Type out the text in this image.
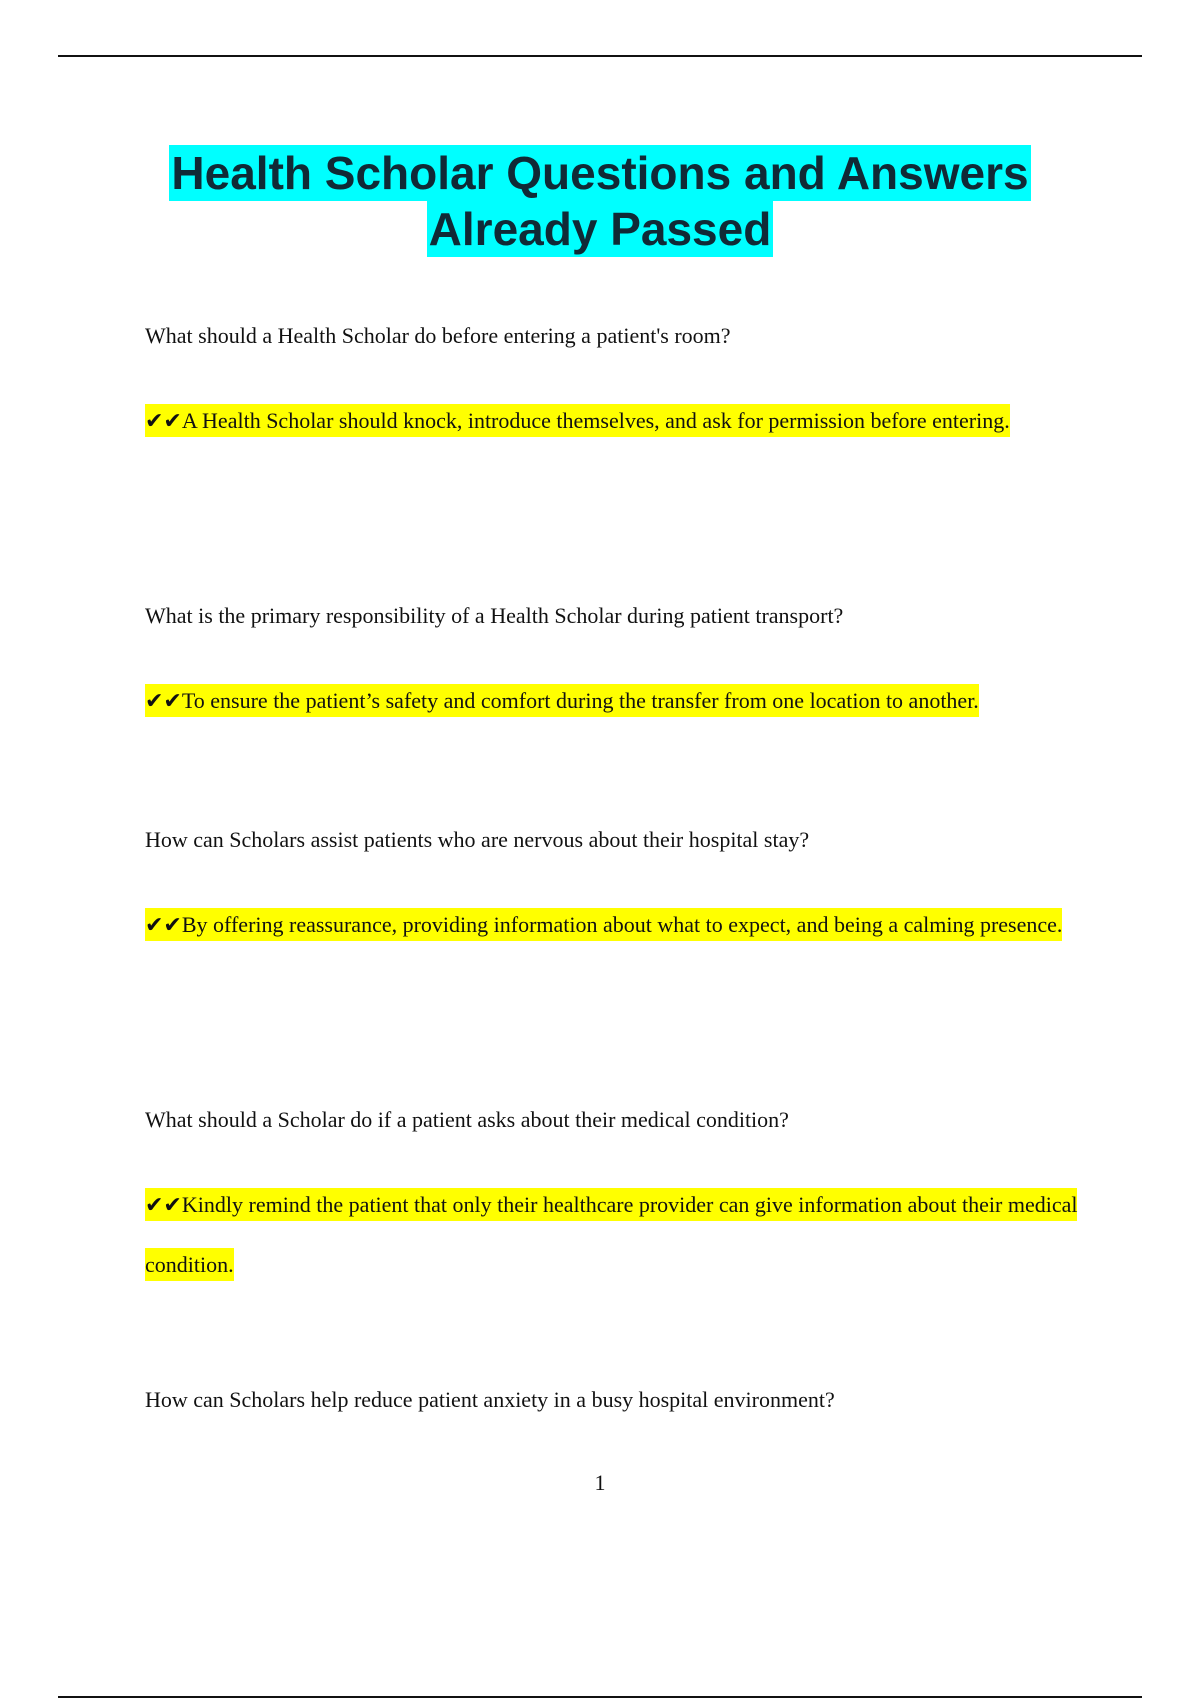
Health Scholar Questions and Answers
Already Passed

What should a Health Scholar do before entering a patient's room?

✔✔A Health Scholar should knock, introduce themselves, and ask for permission before entering.

What is the primary responsibility of a Health Scholar during patient transport?

✔✔To ensure the patient’s safety and comfort during the transfer from one location to another.

How can Scholars assist patients who are nervous about their hospital stay?

✔✔By offering reassurance, providing information about what to expect, and being a calming presence.

What should a Scholar do if a patient asks about their medical condition?

✔✔Kindly remind the patient that only their healthcare provider can give information about their medical condition.

How can Scholars help reduce patient anxiety in a busy hospital environment?

1
